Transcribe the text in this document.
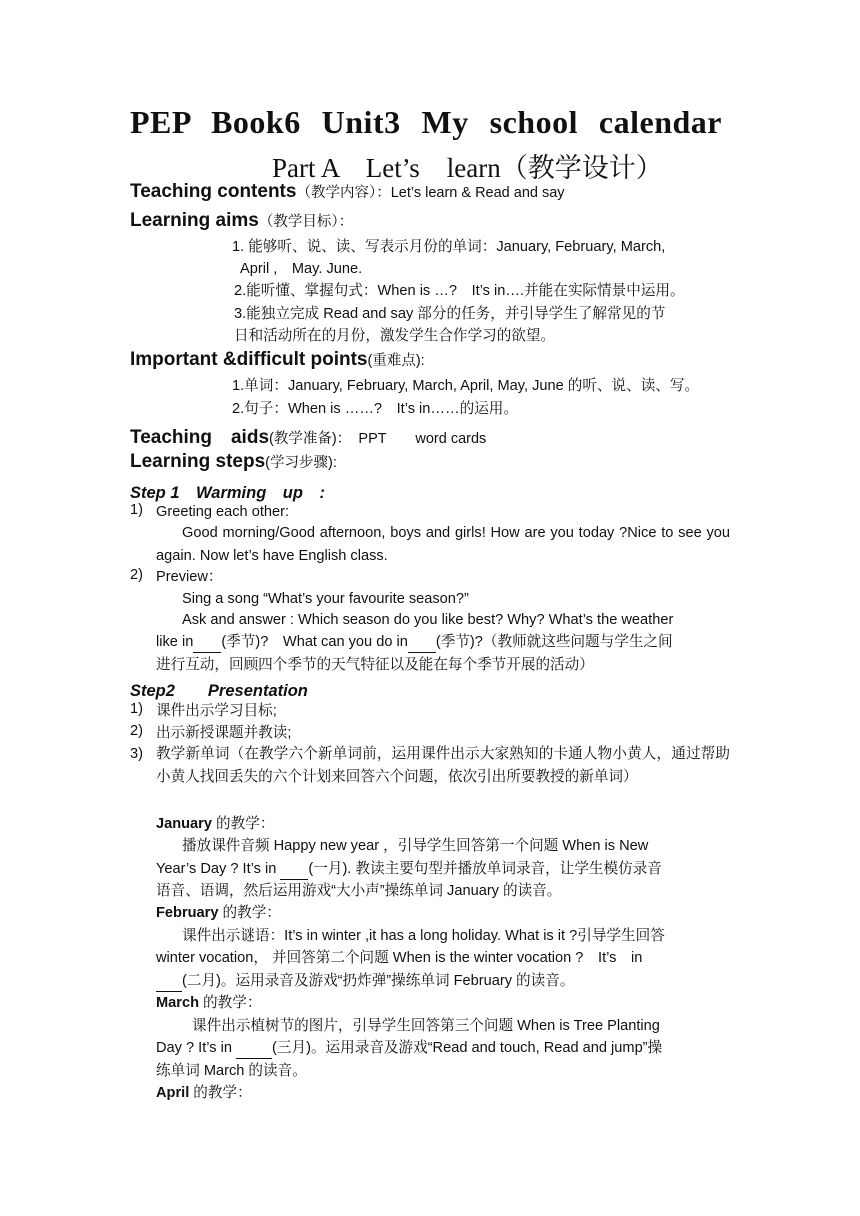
PEP Book6 Unit3 My school calendar
Part A　Let’s　learn（教学设计）
Teaching contents（教学内容）：Let’s learn & Read and say
Learning aims（教学目标）：
1. 能够听、说、读、写表示月份的单词：January, February, March,
April ,　May. June.
2.能听懂、掌握句式：When is …?　It’s in….并能在实际情景中运用。
3.能独立完成 Read and say 部分的任务，并引导学生了解常见的节
日和活动所在的月份，激发学生合作学习的欲望。
Important &difficult points(重难点):
1.单词：January, February, March, April, May, June 的听、说、读、写。
2.句子：When is ……?　It’s in……的运用。
Teaching　aids(教学准备)：　PPT　　word cards
Learning steps(学习步骤):
Step 1　Warming　up　:
1) Greeting each other:
Good morning/Good afternoon, boys and girls! How are you today ?Nice to see you again. Now let’s have English class.
2) Preview：
Sing a song “What’s your favourite season?”
Ask and answer : Which season do you like best? Why? What’s the weather
like in (季节)?　What can you do in (季节)?（教师就这些问题与学生之间
进行互动，回顾四个季节的天气特征以及能在每个季节开展的活动）
Step2　　Presentation
1) 课件出示学习目标;
2) 出示新授课题并教读;
3) 教学新单词（在教学六个新单词前，运用课件出示大家熟知的卡通人物小黄人，通过帮助小黄人找回丢失的六个计划来回答六个问题，依次引出所要教授的新单词）
January 的教学：
播放课件音频 Happy new year ，引导学生回答第一个问题 When is New
Year’s Day ? It’s in  (一月). 教读主要句型并播放单词录音，让学生模仿录音
语音、语调，然后运用游戏“大小声”操练单词 January 的读音。
February 的教学：
课件出示谜语：It’s in winter ,it has a long holiday. What is it ?引导学生回答
winter vocation， 并回答第二个问题 When is the winter vocation ?　It’s　in
(二月)。运用录音及游戏“扔炸弹”操练单词 February 的读音。
March 的教学：
课件出示植树节的图片，引导学生回答第三个问题 When is Tree Planting
Day ? It’s in  (三月)。运用录音及游戏“Read and touch, Read and jump”操
练单词 March 的读音。
April 的教学：
